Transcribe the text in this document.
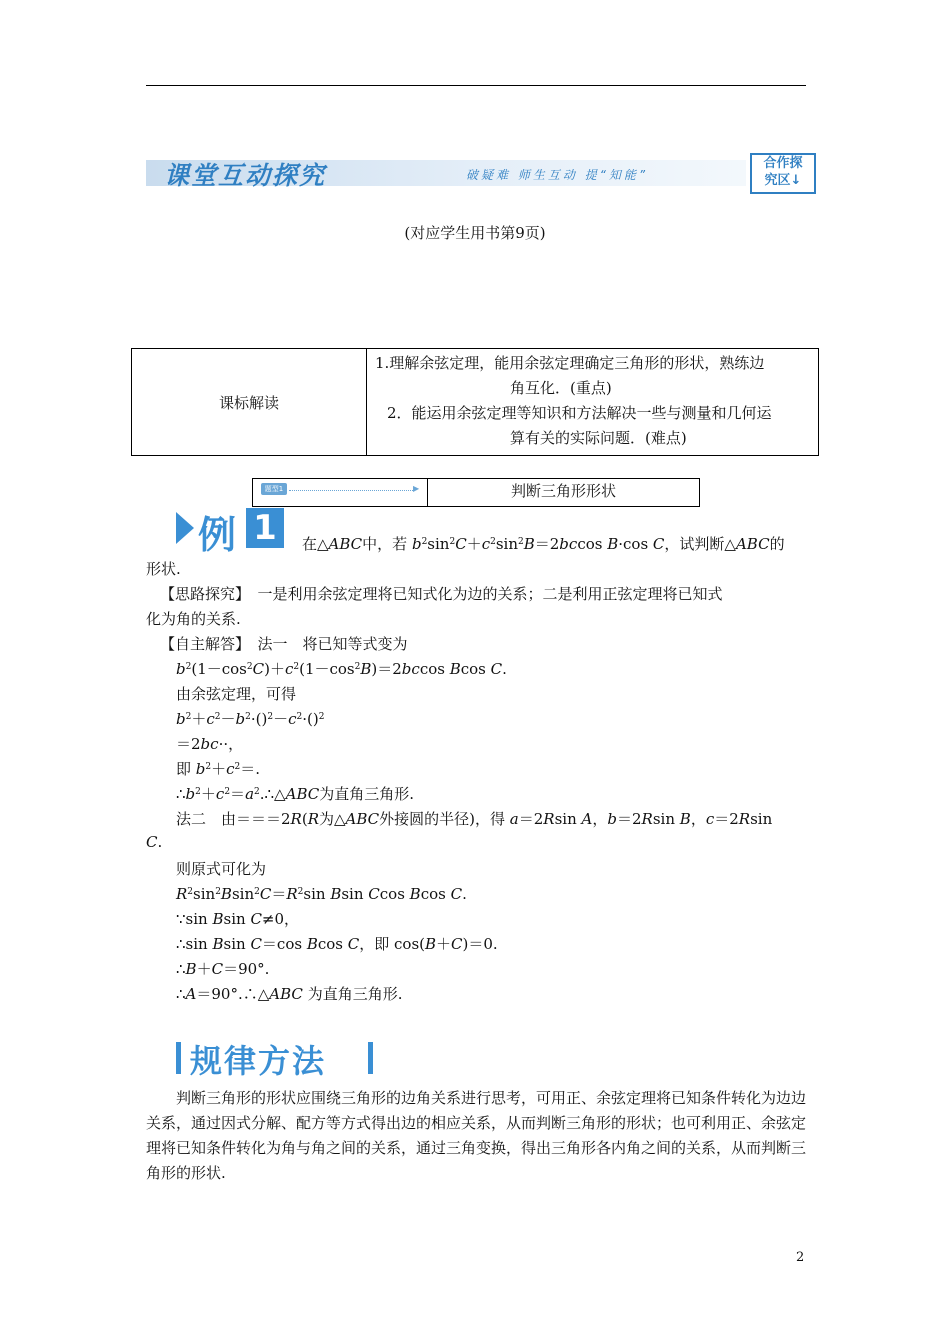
课堂互动探究	破疑难 师生互动 提“知能”
合作探
究区↓
(对应学生用书第9页)
课标解读	
1.理解余弦定理，能用余弦定理确定三角形的形状，熟练边
角互化．(重点)
2．能运用余弦定理等知识和方法解决一些与测量和几何运
算有关的实际问题．(难点)
题型1	▶	判断三角形形状
例 1	在△ABC中，若 $b^2\sin^2C+c^2\sin^2B=2bccos$ B·cos C，试判断△ABC的
形状.
【思路探究】　一是利用余弦定理将已知式化为边的关系；二是利用正弦定理将已知式
化为角的关系.
【自主解答】　法一　将已知等式变为
$b^2(1-\cos^2C)+c^2(1-\cos^2B)=2bccos$ Bcos C.
由余弦定理，可得
$b^2+c^2-b^2\cdot()^2-c^2\cdot()^2$
＝2bc··，
即 $b^2+c^2=$.
$\therefore b^2+c^2=a^2.\therefore\triangle ABC$为直角三角形.
法二　由＝＝＝2R(R为△ABC外接圆的半径)，得 a＝2Rsin A，b＝2Rsin B，c＝2Rsin
C.
则原式可化为
$R^2\sin^2Bsin^2C=R^2\sin$ Bsin Ccos Bcos C.
∵sin Bsin C≠0，
∴sin Bsin C＝cos Bcos C，即 cos(B＋C)＝0.
∴B＋C＝90°.
∴A＝90°.∴△ABC 为直角三角形.
规律方法
判断三角形的形状应围绕三角形的边角关系进行思考，可用正、余弦定理将已知条件转化为边边关系，通过因式分解、配方等方式得出边的相应关系，从而判断三角形的形状；也可利用正、余弦定理将已知条件转化为角与角之间的关系，通过三角变换，得出三角形各内角之间的关系，从而判断三角形的形状.
2
